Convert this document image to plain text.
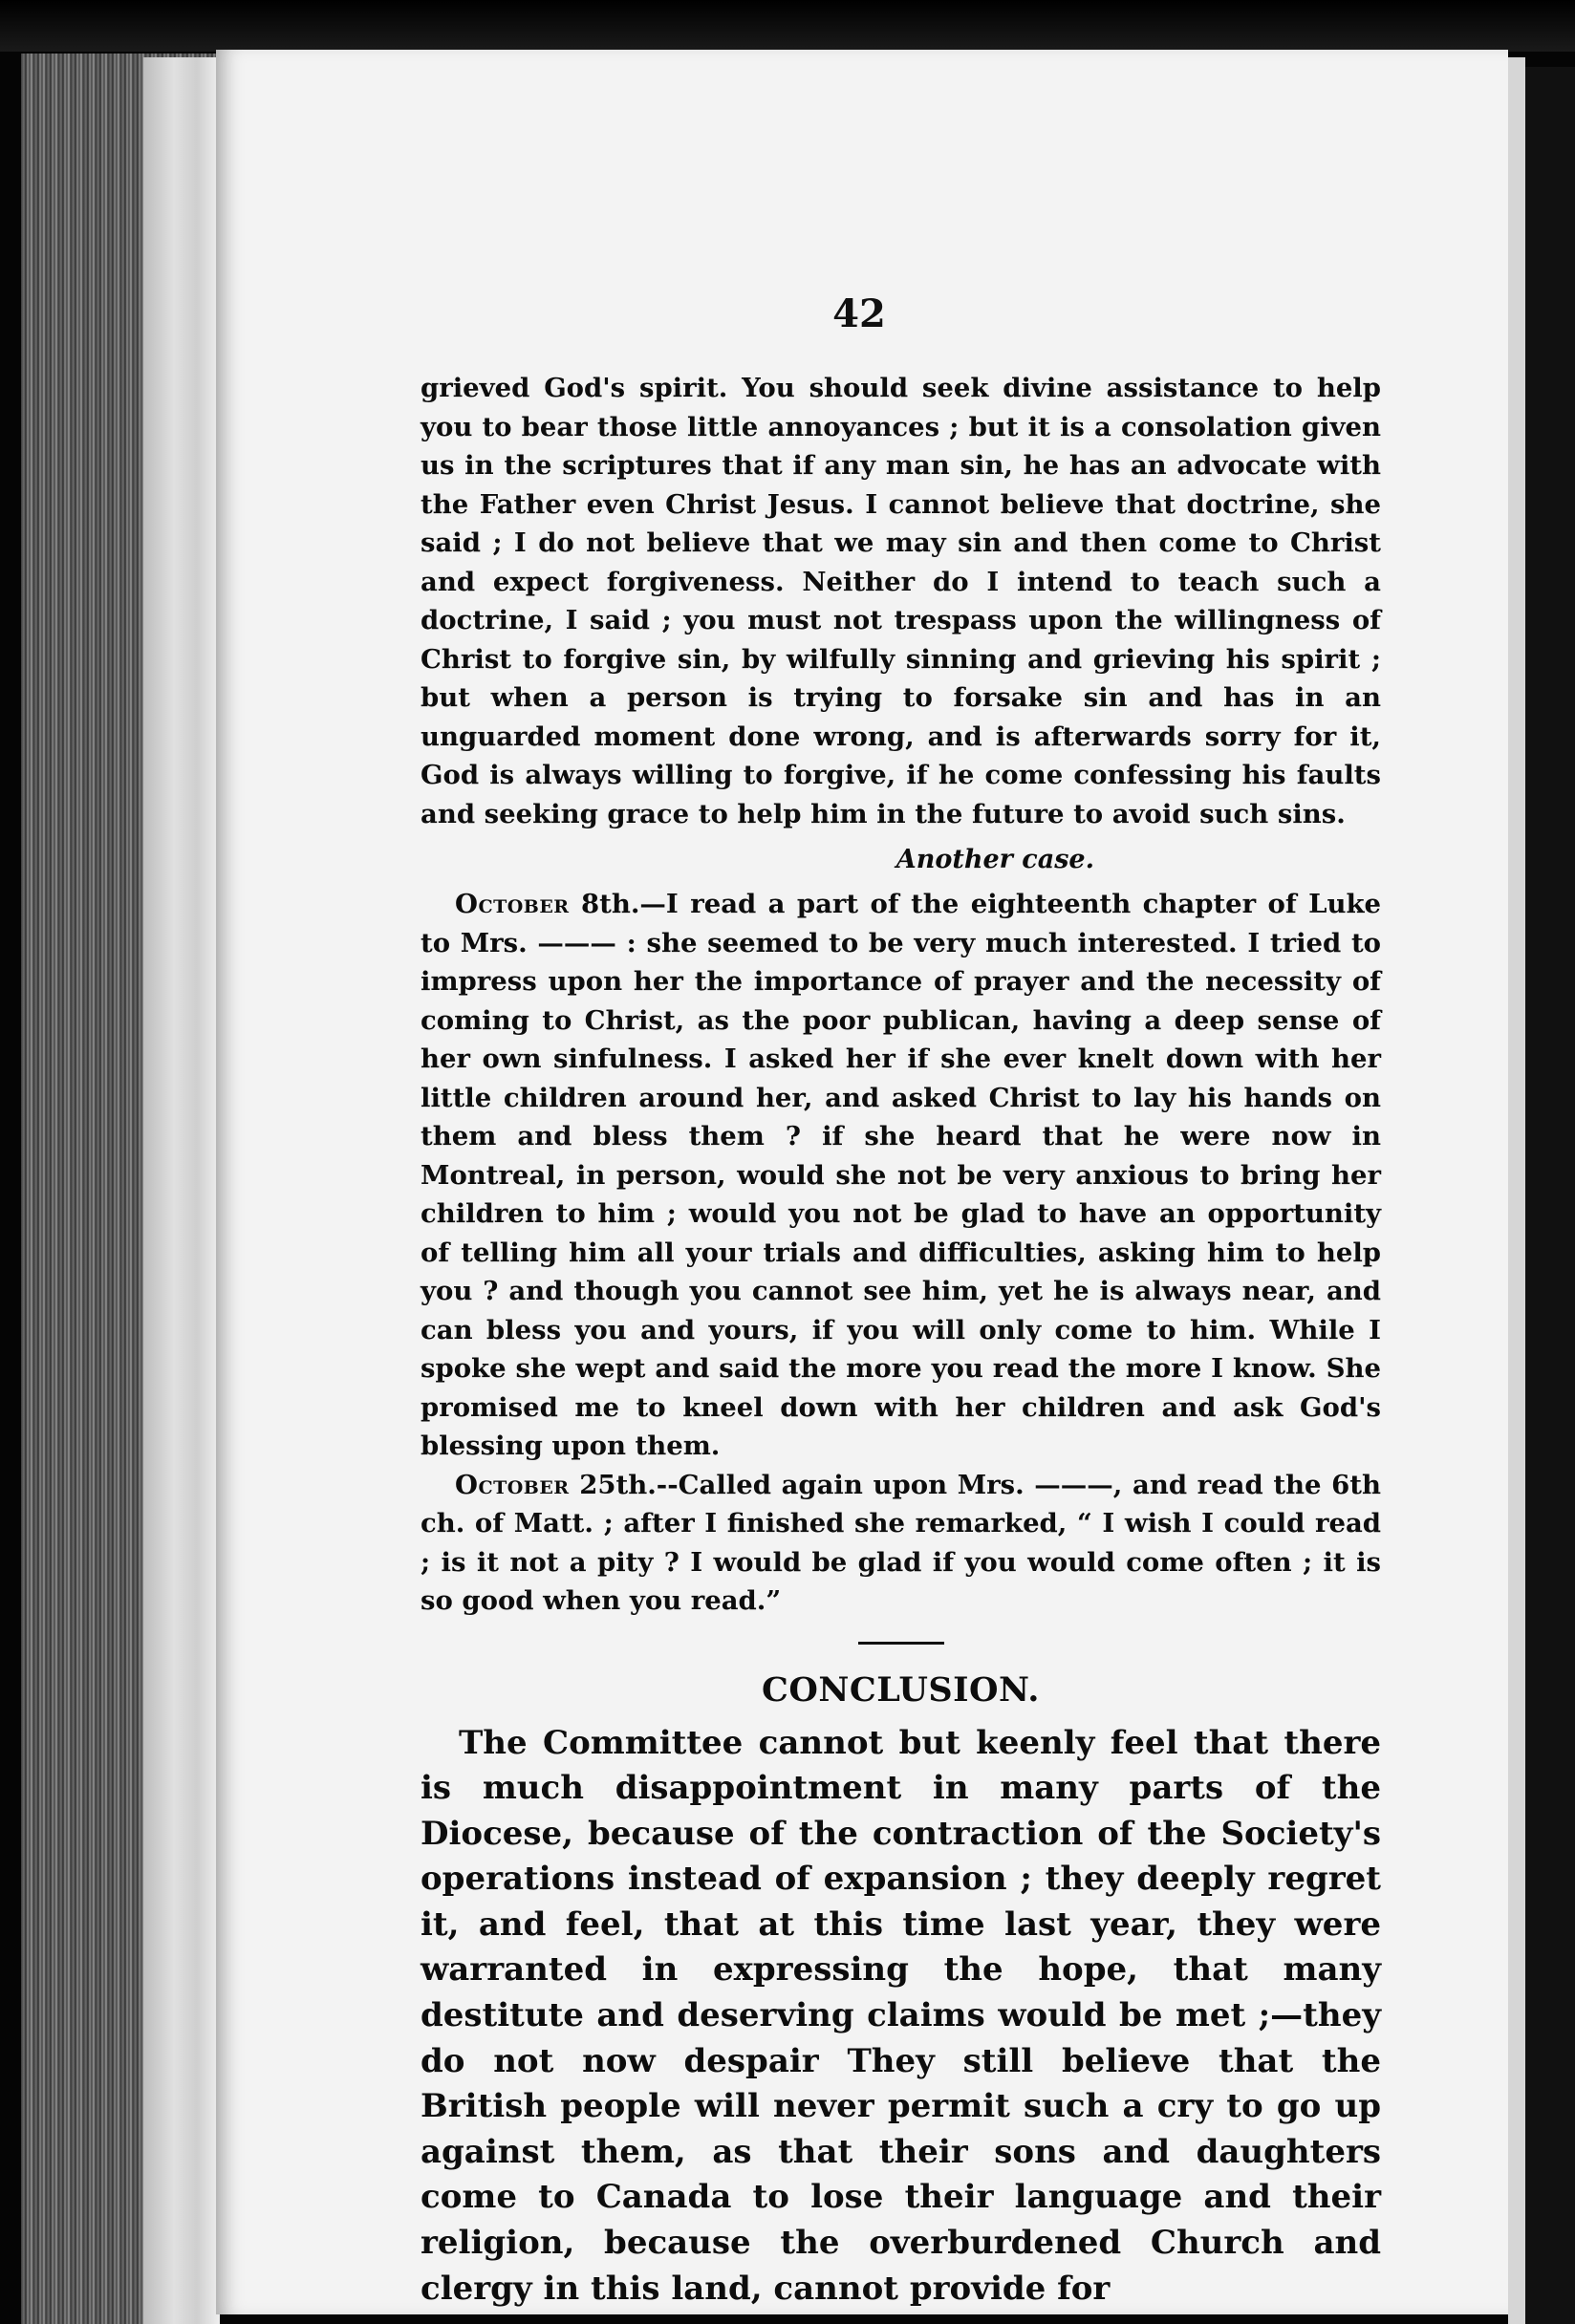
42

grieved God's spirit. You should seek divine assistance to help you to bear those little annoyances ; but it is a consolation given us in the scriptures that if any man sin, he has an advocate with the Father even Christ Jesus. I cannot believe that doctrine, she said ; I do not believe that we may sin and then come to Christ and expect forgiveness. Neither do I intend to teach such a doctrine, I said ; you must not trespass upon the willingness of Christ to forgive sin, by wilfully sinning and grieving his spirit ; but when a person is trying to forsake sin and has in an unguarded moment done wrong, and is afterwards sorry for it, God is always willing to forgive, if he come confessing his faults and seeking grace to help him in the future to avoid such sins.

Another case.

October 8th.—I read a part of the eighteenth chapter of Luke to Mrs. ——— : she seemed to be very much interested. I tried to impress upon her the importance of prayer and the necessity of coming to Christ, as the poor publican, having a deep sense of her own sinfulness. I asked her if she ever knelt down with her little children around her, and asked Christ to lay his hands on them and bless them ? if she heard that he were now in Montreal, in person, would she not be very anxious to bring her children to him ; would you not be glad to have an opportunity of telling him all your trials and difficulties, asking him to help you ? and though you cannot see him, yet he is always near, and can bless you and yours, if you will only come to him. While I spoke she wept and said the more you read the more I know. She promised me to kneel down with her children and ask God's blessing upon them.

October 25th.--Called again upon Mrs. ———, and read the 6th ch. of Matt. ; after I finished she remarked, “ I wish I could read ; is it not a pity ? I would be glad if you would come often ; it is so good when you read.”

CONCLUSION.

The Committee cannot but keenly feel that there is much disappointment in many parts of the Diocese, because of the contraction of the Society's operations instead of expansion ; they deeply regret it, and feel, that at this time last year, they were warranted in expressing the hope, that many destitute and deserving claims would be met ;—they do not now despair They still believe that the British people will never permit such a cry to go up against them, as that their sons and daughters come to Canada to lose their language and their religion, because the overburdened Church and clergy in this land, cannot provide for
